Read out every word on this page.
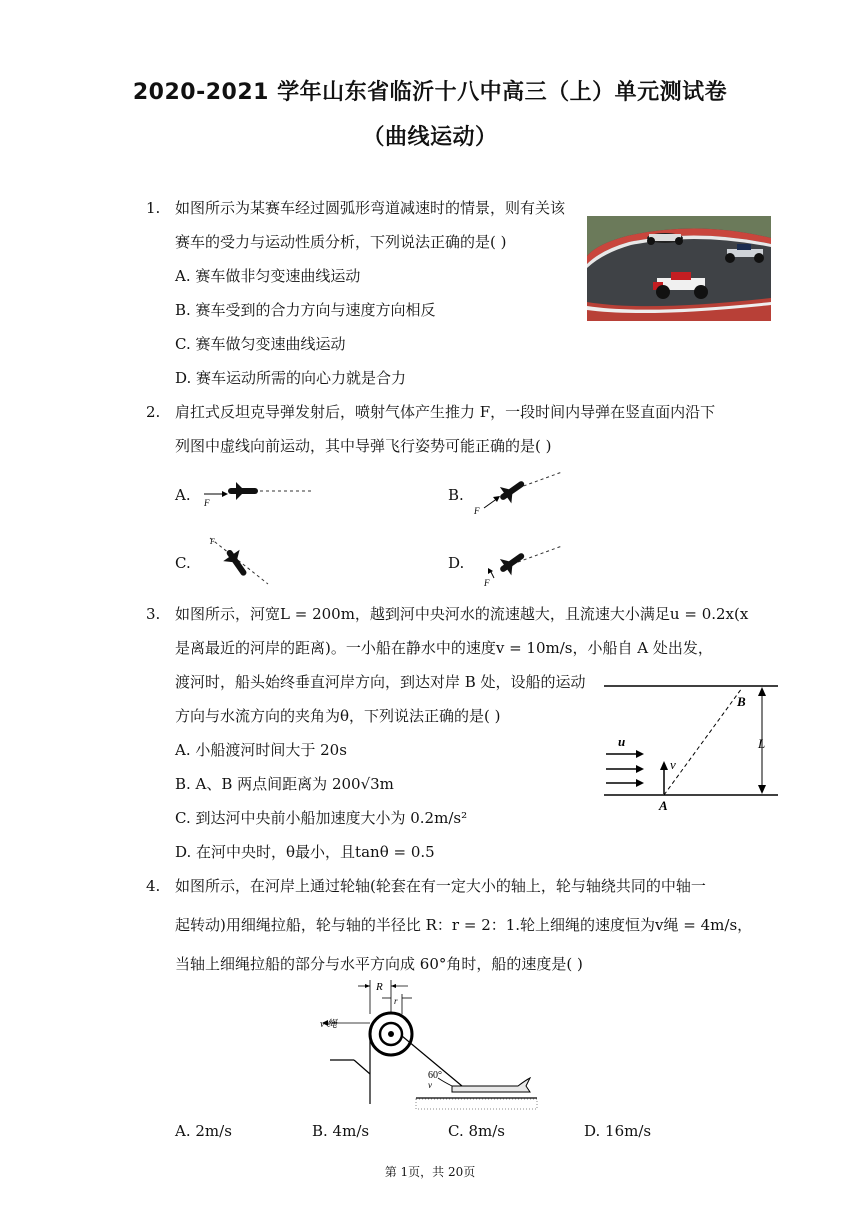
2020-2021 学年山东省临沂十八中高三（上）单元测试卷
（曲线运动）
1. 如图所示为某赛车经过圆弧形弯道减速时的情景，则有关该
赛车的受力与运动性质分析，下列说法正确的是( )
A. 赛车做非匀变速曲线运动
B. 赛车受到的合力方向与速度方向相反
C. 赛车做匀变速曲线运动
D. 赛车运动所需的向心力就是合力
2. 肩扛式反坦克导弹发射后，喷射气体产生推力 F，一段时间内导弹在竖直面内沿下
列图中虚线向前运动，其中导弹飞行姿势可能正确的是( )
A.	B.
C.	D.
F
F
F
F
3. 如图所示，河宽L = 200m，越到河中央河水的流速越大，且流速大小满足u = 0.2x(x
是离最近的河岸的距离)。一小船在静水中的速度v = 10m/s，小船自 A 处出发，
渡河时，船头始终垂直河岸方向，到达对岸 B 处，设船的运动
方向与水流方向的夹角为θ，下列说法正确的是( )
A. 小船渡河时间大于 20s
B. A、B 两点间距离为 200√3m
C. 到达河中央前小船加速度大小为 0.2m/s²
D. 在河中央时，θ最小，且tanθ = 0.5
B
A
L
u
v
4. 如图所示，在河岸上通过轮轴(轮套在有一定大小的轴上，轮与轴绕共同的中轴一
起转动)用细绳拉船，轮与轴的半径比 R：r = 2：1.轮上细绳的速度恒为v绳 = 4m/s，
当轴上细绳拉船的部分与水平方向成 60°角时，船的速度是( )
R
r
v 绳
60°
v
A. 2m/s	B. 4m/s	C. 8m/s	D. 16m/s
第 1页，共 20页
